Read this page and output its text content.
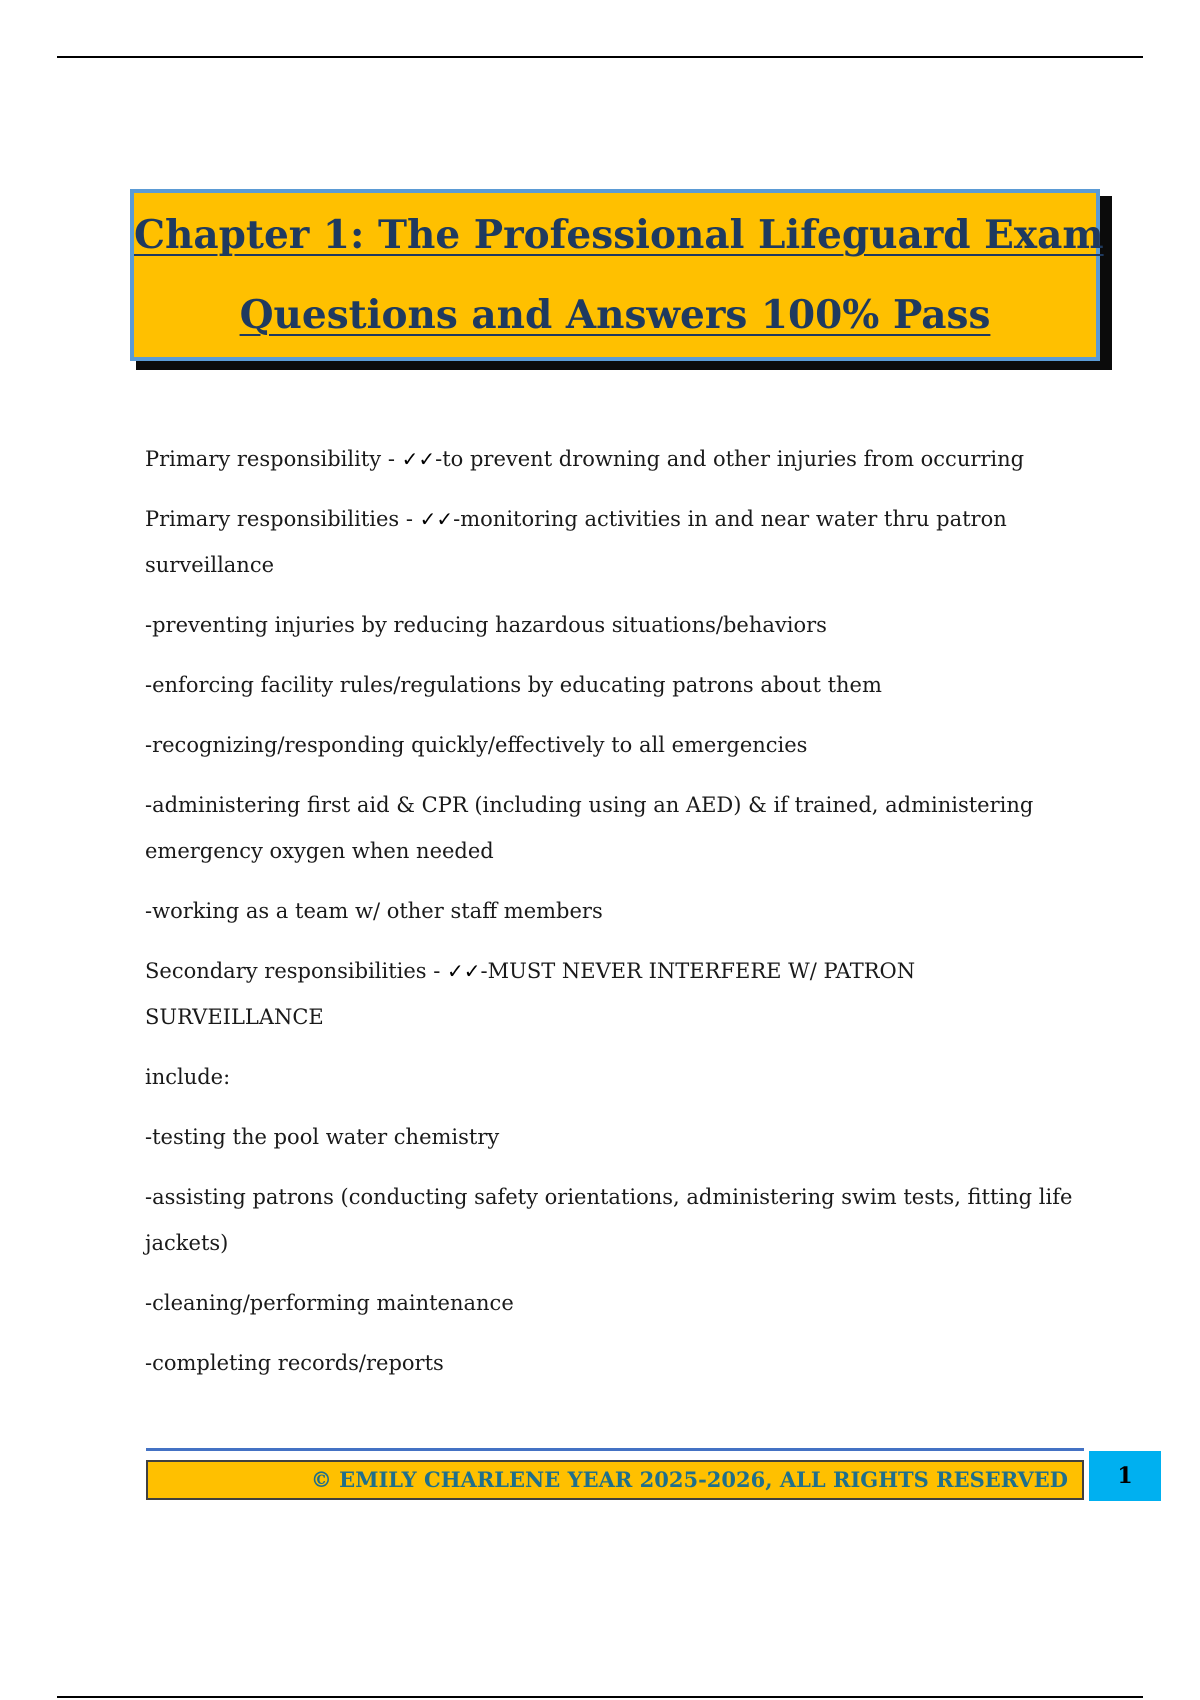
Chapter 1: The Professional Lifeguard Exam
Questions and Answers 100% Pass

Primary responsibility - ✓✓-to prevent drowning and other injuries from occurring

Primary responsibilities - ✓✓-monitoring activities in and near water thru patron surveillance

-preventing injuries by reducing hazardous situations/behaviors

-enforcing facility rules/regulations by educating patrons about them

-recognizing/responding quickly/effectively to all emergencies

-administering first aid & CPR (including using an AED) & if trained, administering emergency oxygen when needed

-working as a team w/ other staff members

Secondary responsibilities - ✓✓-MUST NEVER INTERFERE W/ PATRON SURVEILLANCE

include:

-testing the pool water chemistry

-assisting patrons (conducting safety orientations, administering swim tests, fitting life jackets)

-cleaning/performing maintenance

-completing records/reports

© EMILY CHARLENE YEAR 2025-2026, ALL RIGHTS RESERVED	1
